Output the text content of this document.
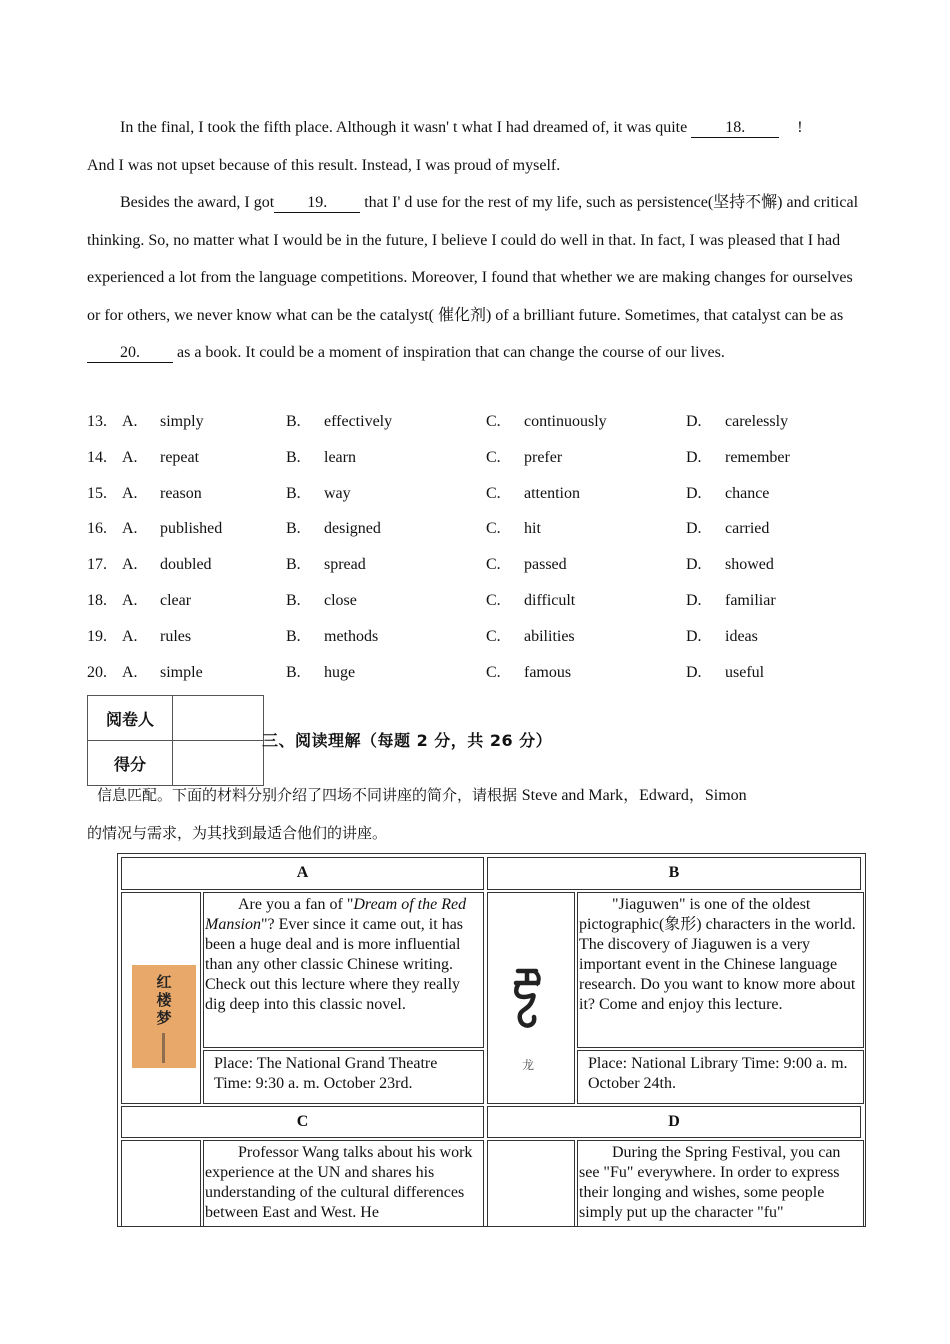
In the final, I took the fifth place. Although it wasn' t what I had dreamed of, it was quite 18.	!

And I was not upset because of this result. Instead, I was proud of myself.

Besides the award, I got 19. that I' d use for the rest of my life, such as persistence(坚持不懈) and critical thinking. So, no matter what I would be in the future, I believe I could do well in that. In fact, I was pleased that I had experienced a lot from the language competitions. Moreover, I found that whether we are making changes for ourselves or for others, we never know what can be the catalyst( 催化剂) of a brilliant future. Sometimes, that catalyst can be as 20. as a book. It could be a moment of inspiration that can change the course of our lives.

13. A. simply	B. effectively	C. continuously	D. carelessly
14. A. repeat	B. learn	C. prefer	D. remember
15. A. reason	B. way	C. attention	D. chance
16. A. published	B. designed	C. hit	D. carried
17. A. doubled	B. spread	C. passed	D. showed
18. A. clear	B. close	C. difficult	D. familiar
19. A. rules	B. methods	C. abilities	D. ideas
20. A. simple	B. huge	C. famous	D. useful
阅卷人	
得分	
三、阅读理解（每题 2 分，共 26 分）

信息匹配。下面的材料分别介绍了四场不同讲座的简介，请根据 Steve and Mark，Edward，Simon

的情况与需求，为其找到最适合他们的讲座。

A	B
红楼梦
Are you a fan of "Dream of the Red Mansion"? Ever since it came out, it has been a huge deal and is more influential than any other classic Chinese writing. Check out this lecture where they really dig deep into this classic novel.
Place: The National Grand Theatre Time: 9:30 a. m. October 23rd.
龙
"Jiaguwen" is one of the oldest pictographic(象形) characters in the world. The discovery of Jiaguwen is a very important event in the Chinese language research. Do you want to know more about it? Come and enjoy this lecture.
Place: National Library Time: 9:00 a. m. October 24th.
C	D
Professor Wang talks about his work experience at the UN and shares his understanding of the cultural differences between East and West. He
During the Spring Festival, you can see "Fu" everywhere. In order to express their longing and wishes, some people simply put up the character "fu"
